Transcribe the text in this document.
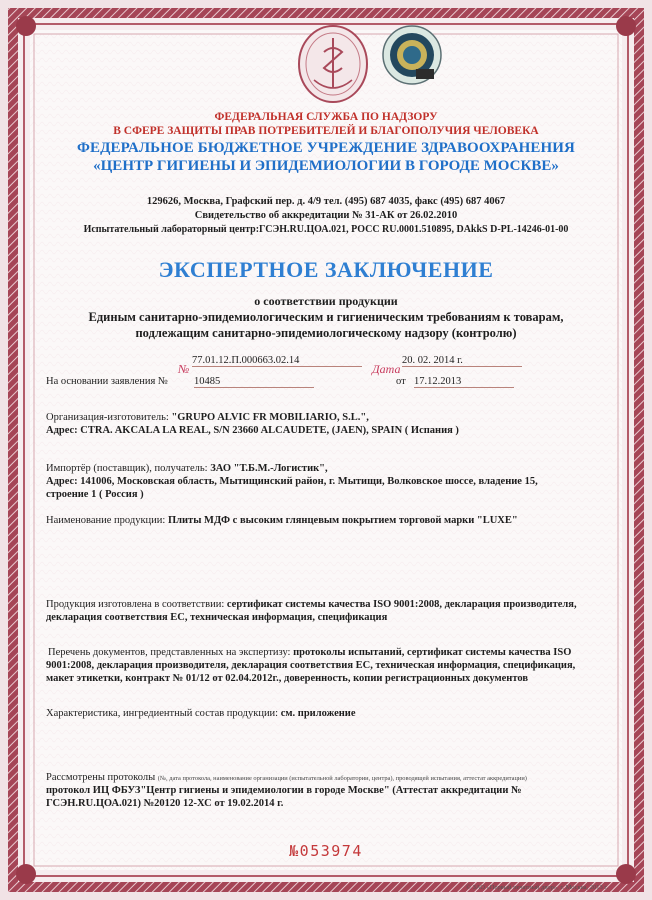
ФЕДЕРАЛЬНАЯ СЛУЖБА ПО НАДЗОРУ
В СФЕРЕ ЗАЩИТЫ ПРАВ ПОТРЕБИТЕЛЕЙ И БЛАГОПОЛУЧИЯ ЧЕЛОВЕКА
ФЕДЕРАЛЬНОЕ БЮДЖЕТНОЕ УЧРЕЖДЕНИЕ ЗДРАВООХРАНЕНИЯ
«ЦЕНТР ГИГИЕНЫ И ЭПИДЕМИОЛОГИИ В ГОРОДЕ МОСКВЕ»
129626, Москва, Графский пер. д. 4/9 тел. (495) 687 4035, факс (495) 687 4067
Свидетельство об аккредитации № 31-АК от 26.02.2010
Испытательный лабораторный центр:ГСЭН.RU.ЦОА.021, РОСС RU.0001.510895, DAkkS D-PL-14246-01-00
ЭКСПЕРТНОЕ ЗАКЛЮЧЕНИЕ
о соответствии продукции
Единым санитарно-эпидемиологическим и гигиеническим требованиям к товарам,
подлежащим санитарно-эпидемиологическому надзору (контролю)
№
77.01.12.П.000663.02.14
Дата
20. 02. 2014 г.
На основании заявления № 10485	от 17.12.2013
Организация-изготовитель: "GRUPO ALVIC FR MOBILIARIO, S.L.",
Адрес: CTRA. AKCALA LA REAL, S/N 23660 ALCAUDETE, (JAEN), SPAIN ( Испания )
Импортёр (поставщик), получатель: ЗАО "Т.Б.М.-Логистик",
Адрес: 141006, Московская область, Мытищинский район, г. Мытищи, Волковское шоссе, владение 15,
строение 1 ( Россия )
Наименование продукции: Плиты МДФ с высоким глянцевым покрытием торговой марки "LUXE"
Продукция изготовлена в соответствии: сертификат системы качества ISO 9001:2008, декларация производителя,
декларация соответствия ЕС, техническая информация, спецификация
Перечень документов, представленных на экспертизу: протоколы испытаний, сертификат системы качества ISO
9001:2008, декларация производителя, декларация соответствия ЕС, техническая информация, спецификация,
макет этикетки, контракт № 01/12 от 02.04.2012г., доверенность, копии регистрационных документов
Характеристика, ингредиентный состав продукции: см. приложение
Рассмотрены протоколы (№, дата протокола, наименование организации (испытательной лаборатории, центра), проводящей испытания, аттестат аккредитации)
протокол ИЦ ФБУЗ"Центр гигиены и эпидемиологии в городе Москве" (Аттестат аккредитации №
ГСЭН.RU.ЦОА.021) №20120 12-ХС от 19.02.2014 г.
№053974
© ЗАО «Первый печатный двор», г. Москва, 2013 г.
